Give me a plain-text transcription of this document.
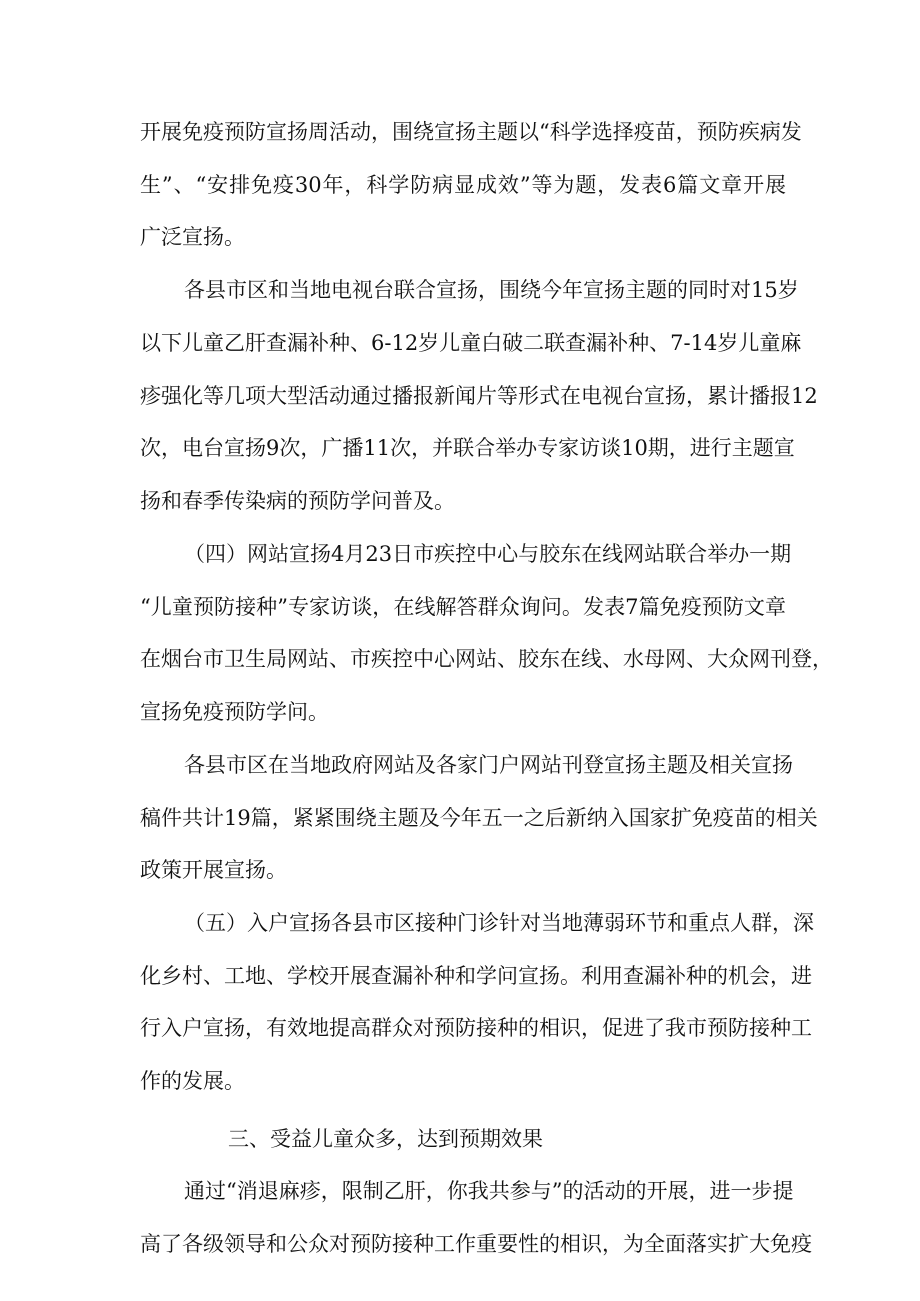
开展免疫预防宣扬周活动，围绕宣扬主题以“科学选择疫苗，预防疾病发
生”、“安排免疫30年，科学防病显成效”等为题，发表6篇文章开展
广泛宣扬。
各县市区和当地电视台联合宣扬，围绕今年宣扬主题的同时对15岁
以下儿童乙肝查漏补种、6-12岁儿童白破二联查漏补种、7-14岁儿童麻
疹强化等几项大型活动通过播报新闻片等形式在电视台宣扬，累计播报12
次，电台宣扬9次，广播11次，并联合举办专家访谈10期，进行主题宣
扬和春季传染病的预防学问普及。
（四）网站宣扬4月23日市疾控中心与胶东在线网站联合举办一期
“儿童预防接种”专家访谈，在线解答群众询问。发表7篇免疫预防文章
在烟台市卫生局网站、市疾控中心网站、胶东在线、水母网、大众网刊登，
宣扬免疫预防学问。
各县市区在当地政府网站及各家门户网站刊登宣扬主题及相关宣扬
稿件共计19篇，紧紧围绕主题及今年五一之后新纳入国家扩免疫苗的相关
政策开展宣扬。
（五）入户宣扬各县市区接种门诊针对当地薄弱环节和重点人群，深
化乡村、工地、学校开展查漏补种和学问宣扬。利用查漏补种的机会，进
行入户宣扬，有效地提高群众对预防接种的相识，促进了我市预防接种工
作的发展。
三、受益儿童众多，达到预期效果
通过“消退麻疹，限制乙肝，你我共参与”的活动的开展，进一步提
高了各级领导和公众对预防接种工作重要性的相识，为全面落实扩大免疫
